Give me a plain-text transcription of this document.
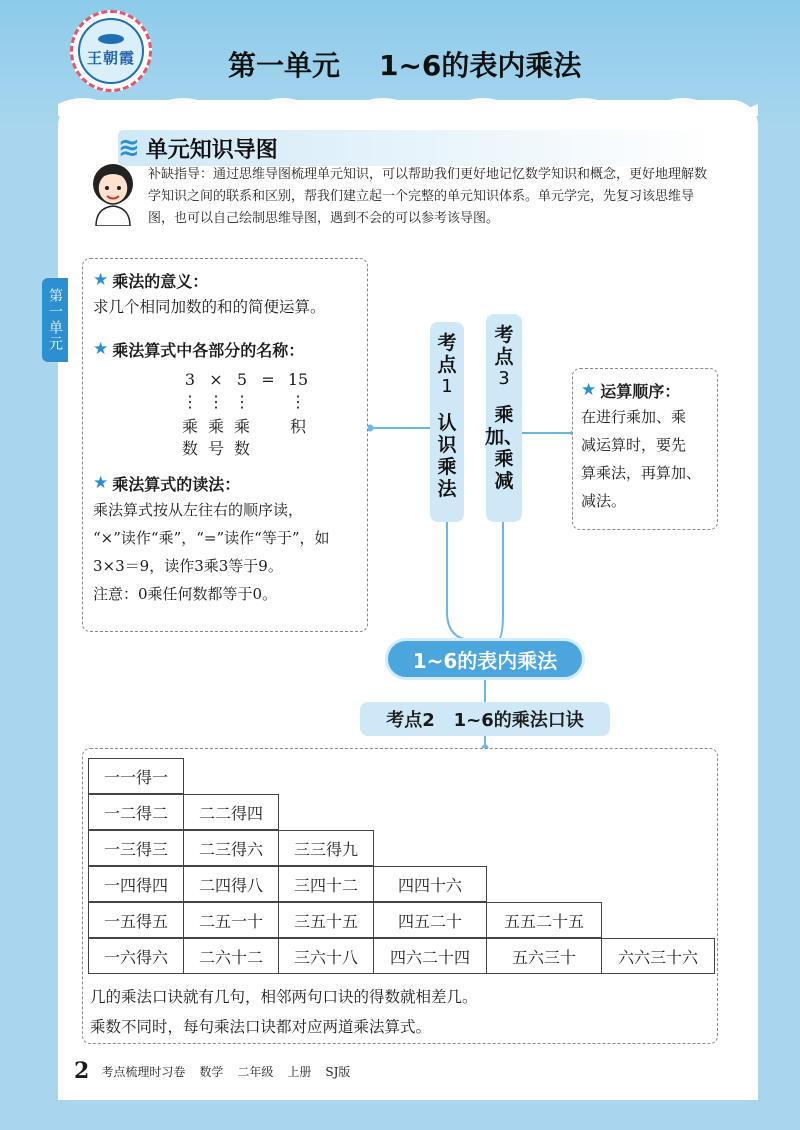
王朝霞	第一单元    1~6的表内乘法
第一单元
≋ 单元知识导图
补缺指导：通过思维导图梳理单元知识，可以帮助我们更好地记忆数学知识和概念，更好地理解数学知识之间的联系和区别，帮我们建立起一个完整的单元知识体系。单元学完，先复习该思维导图，也可以自己绘制思维导图，遇到不会的可以参考该导图。
★ 乘法的意义：
求几个相同加数的和的简便运算。
★ 乘法算式中各部分的名称：
3 × 5 = 15
⋮ ⋮ ⋮	⋮
乘 乘 乘	积
数 号 数
★ 乘法算式的读法：
乘法算式按从左往右的顺序读，
“×”读作“乘”，“=”读作“等于”，如
3×3＝9，读作3乘3等于9。
注意：0乘任何数都等于0。
考
点
1
认
识
乘
法
考
点
3
乘
加、
乘
减
★ 运算顺序：
在进行乘加、乘
减运算时，要先
算乘法，再算加、
减法。
1~6的表内乘法
考点2   1~6的乘法口诀
一一得一
一二得二	二二得四
一三得三	二三得六	三三得九
一四得四	二四得八	三四十二	四四十六
一五得五	二五一十	三五十五	四五二十	五五二十五
一六得六	二六十二	三六十八	四六二十四	五六三十	六六三十六
几的乘法口诀就有几句，相邻两句口诀的得数就相差几。
乘数不同时，每句乘法口诀都对应两道乘法算式。
2 考点梳理时习卷 数学 二年级 上册 SJ版
